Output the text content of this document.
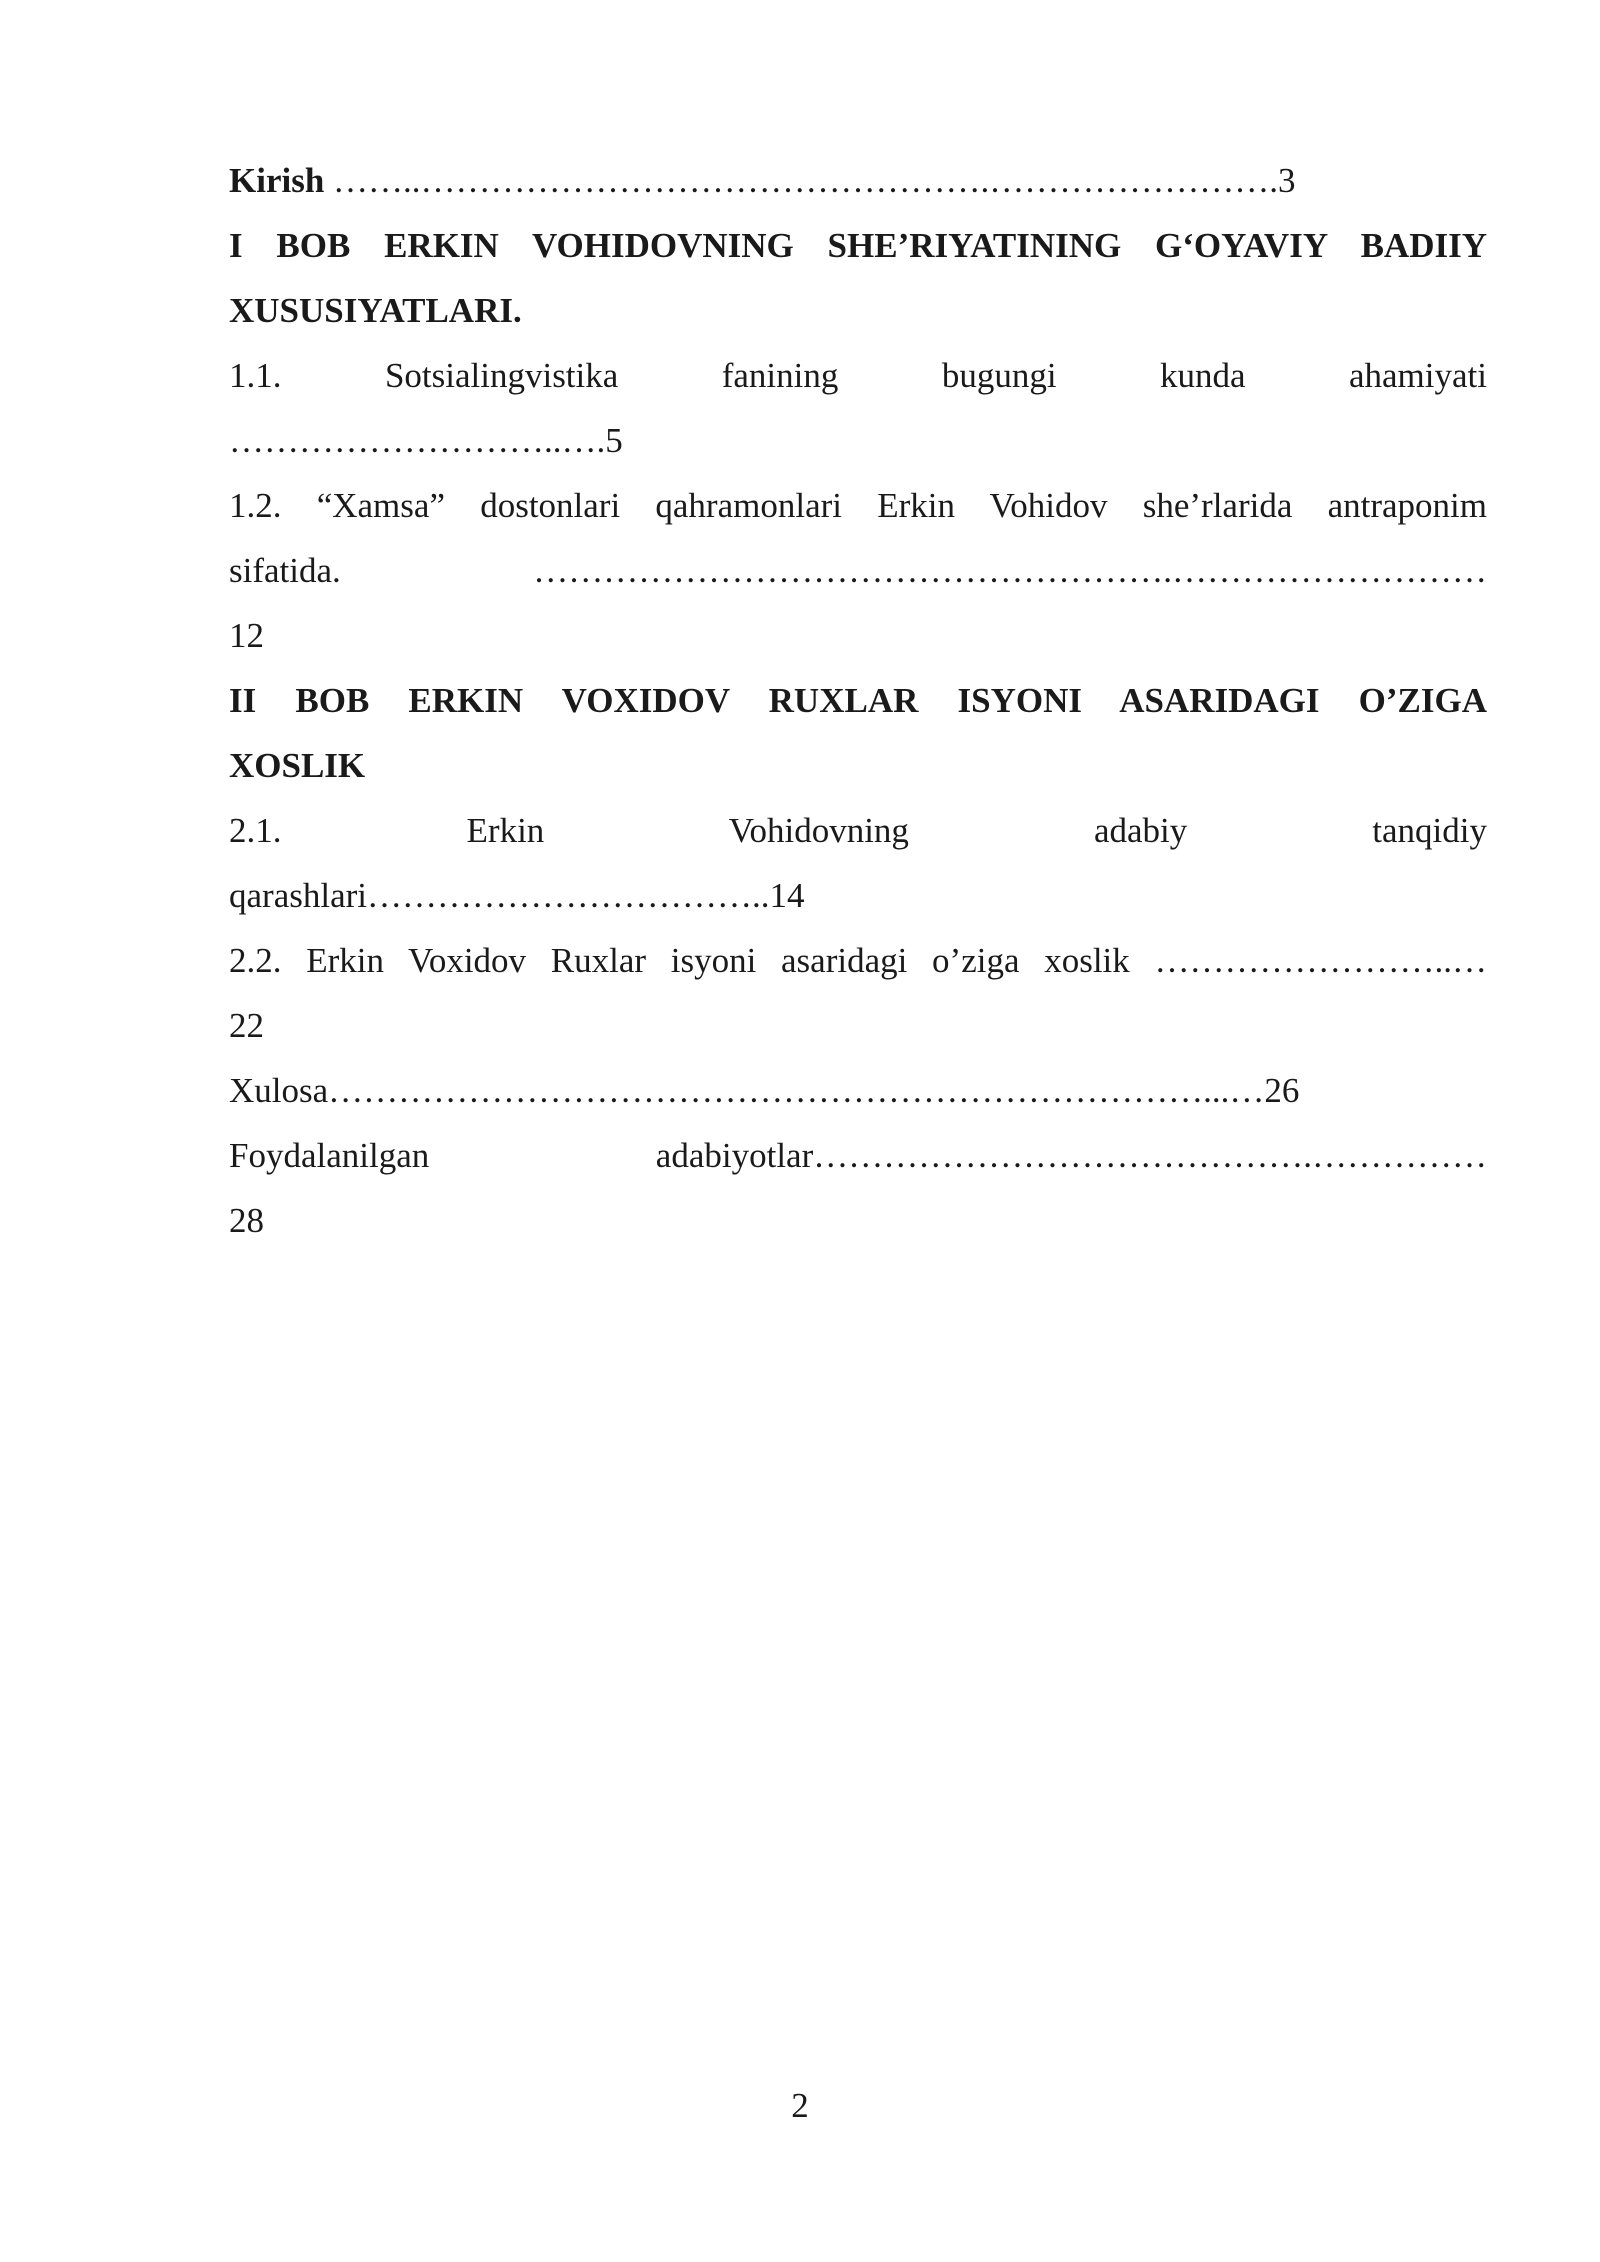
Kirish ……..………………………………………….…………………….3

I BOB ERKIN VOHIDOVNING SHE’RIYATINING G‘OYAVIY BADIIY

XUSUSIYATLARI.

1.1. Sotsialingvistika fanining bugungi kunda ahamiyati

………………………..….5

1.2. “Xamsa” dostonlari qahramonlari Erkin Vohidov she’rlarida antraponim

sifatida. ……………………………………………….………………………

12

II BOB ERKIN VOXIDOV RUXLAR ISYONI ASARIDAGI O’ZIGA

XOSLIK

2.1. Erkin Vohidovning adabiy tanqidiy

qarashlari……………………………..14

2.2. Erkin Voxidov Ruxlar isyoni asaridagi o’ziga xoslik ……………………..…

22

Xulosa…………………………………………………………………...…26

Foydalanilgan adabiyotlar…………………………………….……………

28

2
